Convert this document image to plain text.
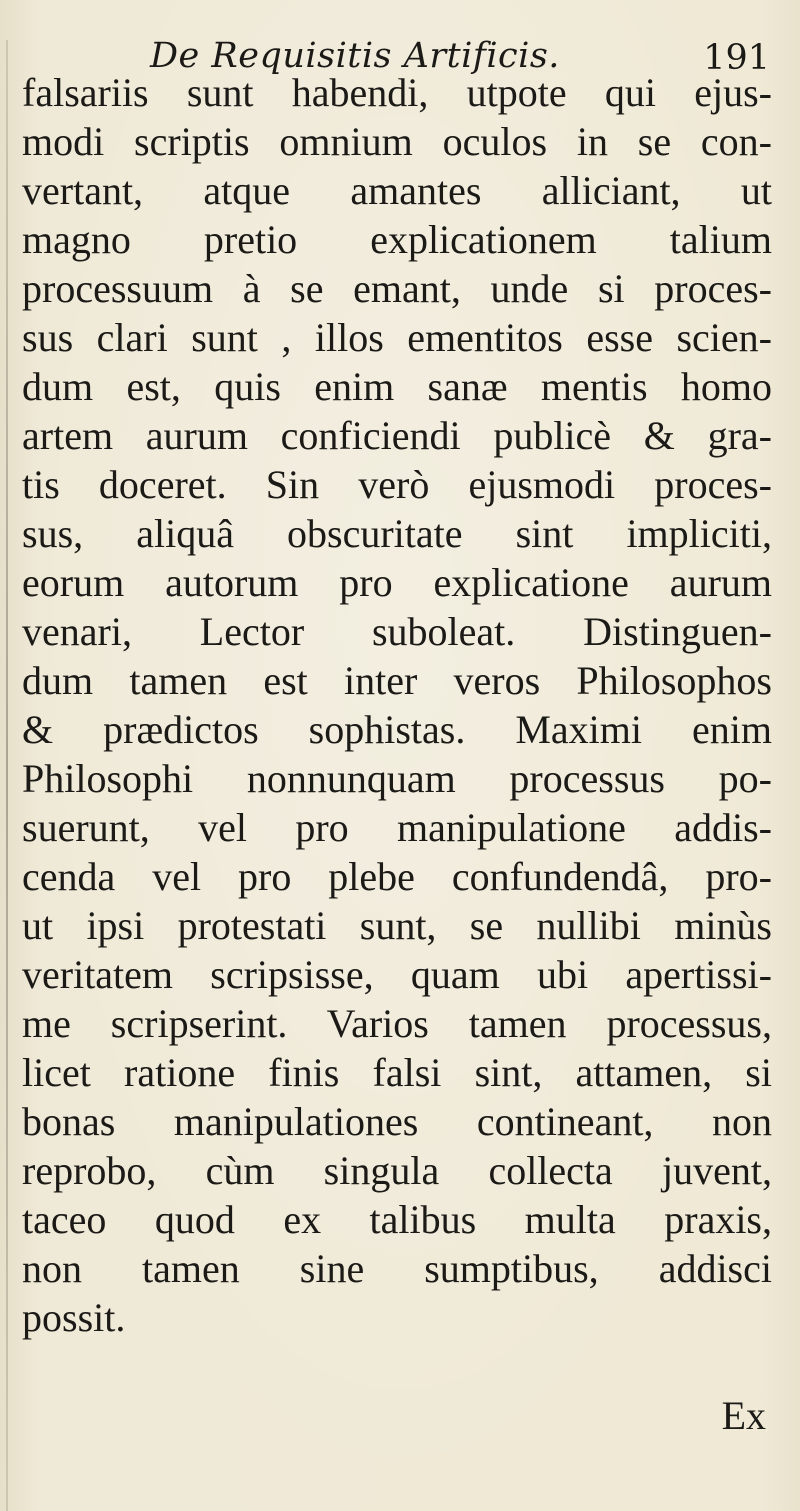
De Requisitis Artificis.	191
falsariis sunt habendi, utpote qui ejus-
modi scriptis omnium oculos in se con-
vertant, atque amantes alliciant, ut
magno pretio explicationem talium
processuum à se emant, unde si proces-
sus clari sunt , illos ementitos esse scien-
dum est, quis enim sanæ mentis homo
artem aurum conficiendi publicè & gra-
tis doceret. Sin verò ejusmodi proces-
sus, aliquâ obscuritate sint impliciti,
eorum autorum pro explicatione aurum
venari, Lector suboleat. Distinguen-
dum tamen est inter veros Philosophos
& prædictos sophistas. Maximi enim
Philosophi nonnunquam processus po-
suerunt, vel pro manipulatione addis-
cenda vel pro plebe confundendâ, pro-
ut ipsi protestati sunt, se nullibi minùs
veritatem scripsisse, quam ubi apertissi-
me scripserint. Varios tamen processus,
licet ratione finis falsi sint, attamen, si
bonas manipulationes contineant, non
reprobo, cùm singula collecta juvent,
taceo quod ex talibus multa praxis,
non tamen sine sumptibus, addisci
possit.
Ex
